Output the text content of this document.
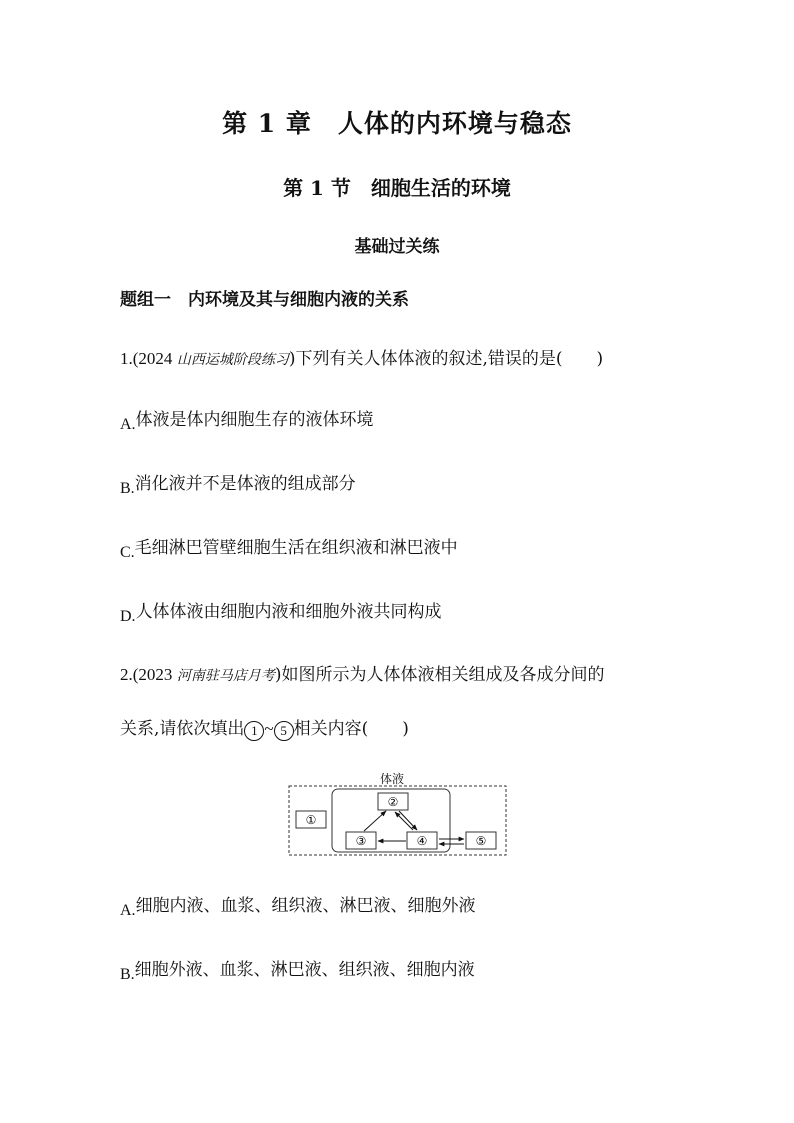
第 1 章　人体的内环境与稳态
第 1 节　细胞生活的环境
基础过关练
题组一　内环境及其与细胞内液的关系
1.(2024 山西运城阶段练习)下列有关人体体液的叙述,错误的是( )
A.体液是体内细胞生存的液体环境
B.消化液并不是体液的组成部分
C.毛细淋巴管壁细胞生活在组织液和淋巴液中
D.人体体液由细胞内液和细胞外液共同构成
2.(2023 河南驻马店月考)如图所示为人体体液相关组成及各成分间的
关系,请依次填出 1 ~ 5 相关内容( )
体液
①
②
③	④	⑤
A.细胞内液、血浆、组织液、淋巴液、细胞外液
B.细胞外液、血浆、淋巴液、组织液、细胞内液
